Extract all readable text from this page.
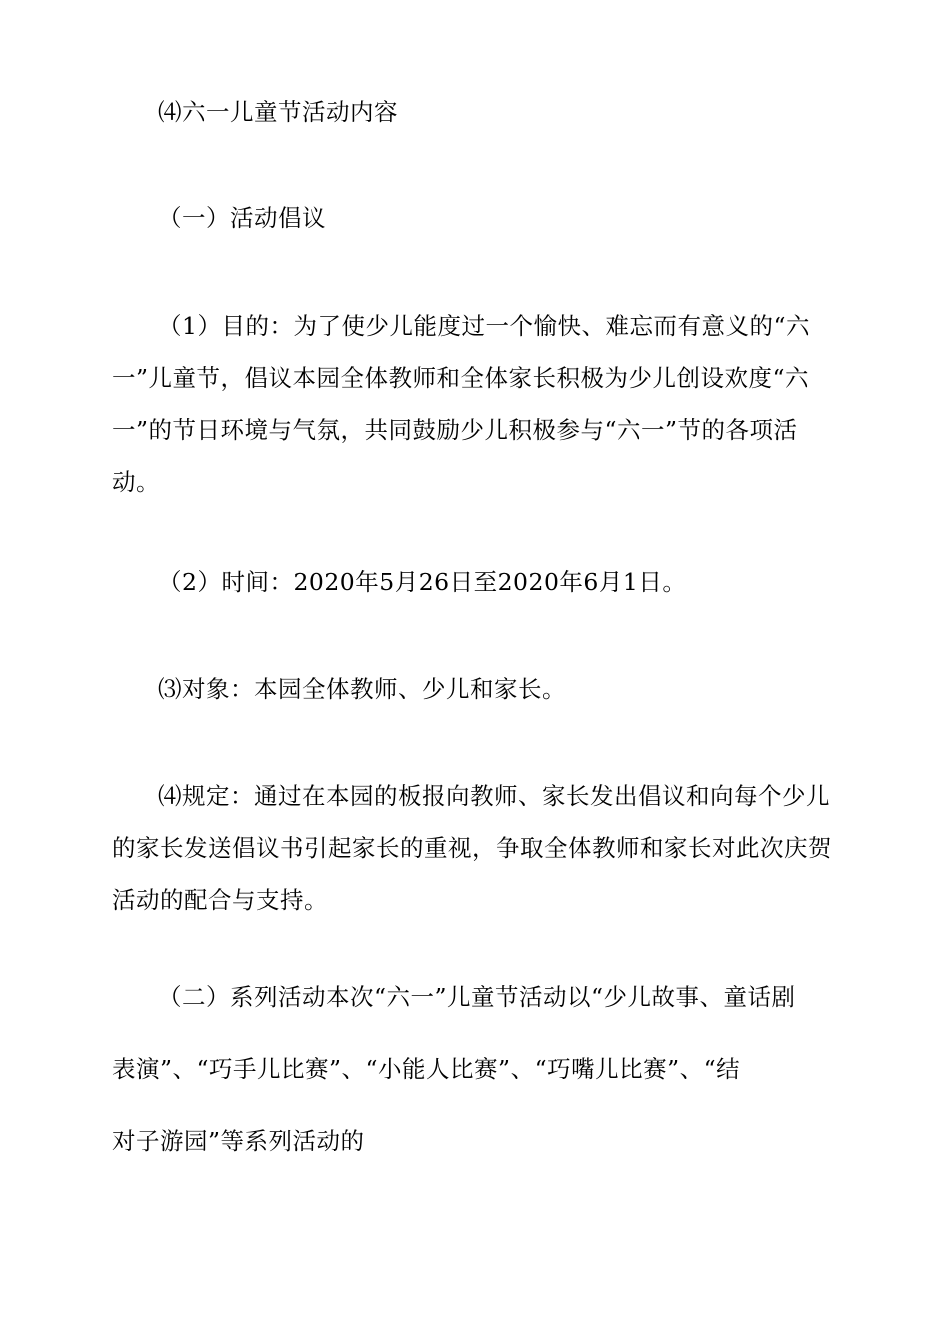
⑷六一儿童节活动内容

（一）活动倡议

（1）目的：为了使少儿能度过一个愉快、难忘而有意义的“六
一”儿童节，倡议本园全体教师和全体家长积极为少儿创设欢度“六
一”的节日环境与气氛，共同鼓励少儿积极参与“六一”节的各项活
动。

（2）时间：2020年5月26日至2020年6月1日。

⑶对象：本园全体教师、少儿和家长。

⑷规定：通过在本园的板报向教师、家长发出倡议和向每个少儿
的家长发送倡议书引起家长的重视，争取全体教师和家长对此次庆贺
活动的配合与支持。

（二）系列活动本次“六一”儿童节活动以“少儿故事、童话剧
表演”、“巧手儿比赛”、“小能人比赛”、“巧嘴儿比赛”、“结
对子游园”等系列活动的
